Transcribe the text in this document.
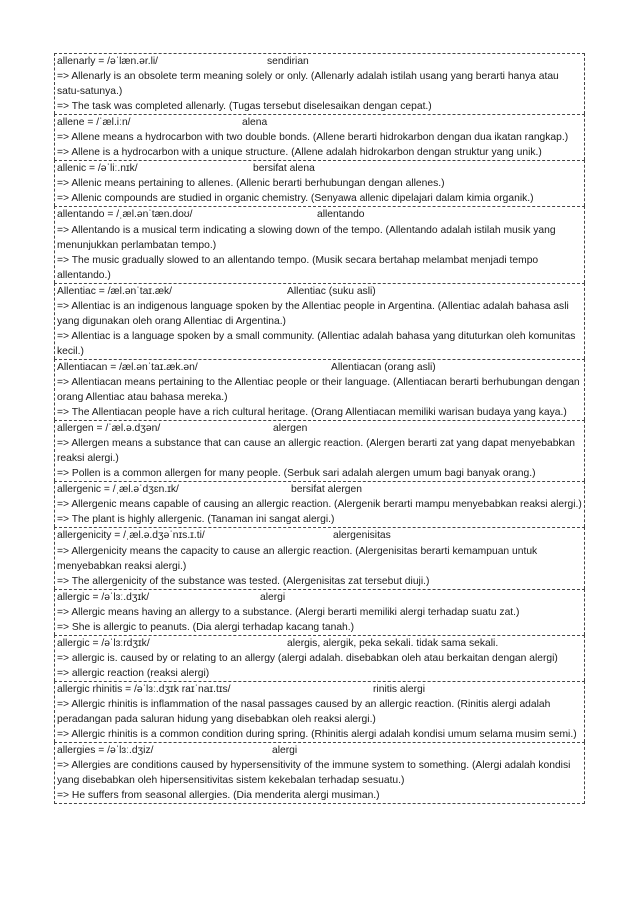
allenarly = /əˈlæn.ər.li/	sendirian
=> Allenarly is an obsolete term meaning solely or only. (Allenarly adalah istilah usang yang berarti hanya atau satu-satunya.)
=> The task was completed allenarly. (Tugas tersebut diselesaikan dengan cepat.)
allene = /ˈæl.iːn/	alena
=> Allene means a hydrocarbon with two double bonds. (Allene berarti hidrokarbon dengan dua ikatan rangkap.)
=> Allene is a hydrocarbon with a unique structure. (Allene adalah hidrokarbon dengan struktur yang unik.)
allenic = /əˈliː.nɪk/	bersifat alena
=> Allenic means pertaining to allenes. (Allenic berarti berhubungan dengan allenes.)
=> Allenic compounds are studied in organic chemistry. (Senyawa allenic dipelajari dalam kimia organik.)
allentando = /ˌæl.ənˈtæn.doʊ/	allentando
=> Allentando is a musical term indicating a slowing down of the tempo. (Allentando adalah istilah musik yang menunjukkan perlambatan tempo.)
=> The music gradually slowed to an allentando tempo. (Musik secara bertahap melambat menjadi tempo allentando.)
Allentiac = /æl.ənˈtaɪ.æk/	Allentiac (suku asli)
=> Allentiac is an indigenous language spoken by the Allentiac people in Argentina. (Allentiac adalah bahasa asli yang digunakan oleh orang Allentiac di Argentina.)
=> Allentiac is a language spoken by a small community. (Allentiac adalah bahasa yang dituturkan oleh komunitas kecil.)
Allentiacan = /æl.ənˈtaɪ.æk.ən/	Allentiacan (orang asli)
=> Allentiacan means pertaining to the Allentiac people or their language. (Allentiacan berarti berhubungan dengan orang Allentiac atau bahasa mereka.)
=> The Allentiacan people have a rich cultural heritage. (Orang Allentiacan memiliki warisan budaya yang kaya.)
allergen = /ˈæl.ə.dʒən/	alergen
=> Allergen means a substance that can cause an allergic reaction. (Alergen berarti zat yang dapat menyebabkan reaksi alergi.)
=> Pollen is a common allergen for many people. (Serbuk sari adalah alergen umum bagi banyak orang.)
allergenic = /ˌæl.əˈdʒɛn.ɪk/	bersifat alergen
=> Allergenic means capable of causing an allergic reaction. (Alergenik berarti mampu menyebabkan reaksi alergi.)
=> The plant is highly allergenic. (Tanaman ini sangat alergi.)
allergenicity = /ˌæl.ə.dʒəˈnɪs.ɪ.ti/	alergenisitas
=> Allergenicity means the capacity to cause an allergic reaction. (Alergenisitas berarti kemampuan untuk menyebabkan reaksi alergi.)
=> The allergenicity of the substance was tested. (Alergenisitas zat tersebut diuji.)
allergic = /əˈlɜː.dʒɪk/	alergi
=> Allergic means having an allergy to a substance. (Alergi berarti memiliki alergi terhadap suatu zat.)
=> She is allergic to peanuts. (Dia alergi terhadap kacang tanah.)
allergic = /əˈlɜːrdʒɪk/	alergis, alergik, peka sekali. tidak sama sekali.
=> allergic is. caused by or relating to an allergy (alergi adalah. disebabkan oleh atau berkaitan dengan alergi)
=> allergic reaction (reaksi alergi)
allergic rhinitis = /əˈlɜː.dʒɪk raɪˈnaɪ.tɪs/	rinitis alergi
=> Allergic rhinitis is inflammation of the nasal passages caused by an allergic reaction. (Rinitis alergi adalah peradangan pada saluran hidung yang disebabkan oleh reaksi alergi.)
=> Allergic rhinitis is a common condition during spring. (Rhinitis alergi adalah kondisi umum selama musim semi.)
allergies = /əˈlɜː.dʒiz/	alergi
=> Allergies are conditions caused by hypersensitivity of the immune system to something. (Alergi adalah kondisi yang disebabkan oleh hipersensitivitas sistem kekebalan terhadap sesuatu.)
=> He suffers from seasonal allergies. (Dia menderita alergi musiman.)
